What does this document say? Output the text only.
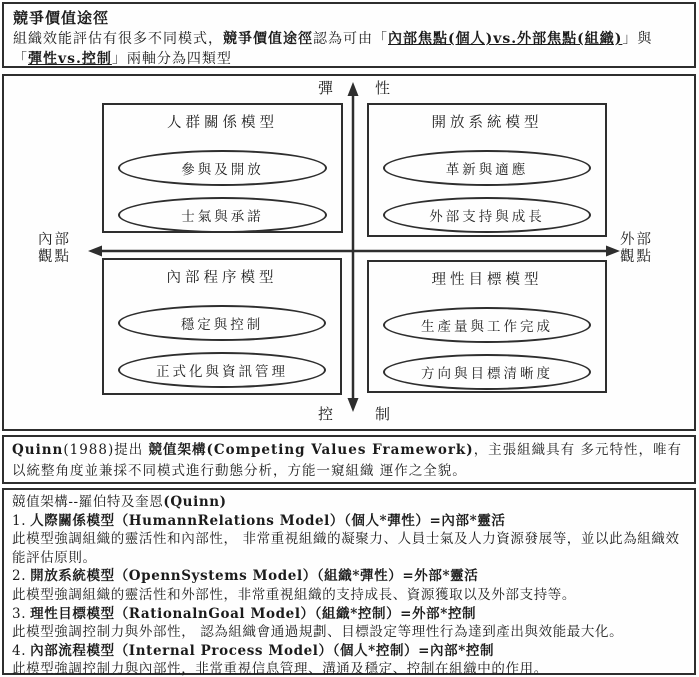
競爭價值途徑

組織效能評估有很多不同模式，競爭價值途徑認為可由「內部焦點(個人)vs.外部焦點(組織)」與

「彈性vs.控制」兩軸分為四類型

彈	性
控	制
內部
觀點
外部
觀點
人群關係模型
參與及開放
士氣與承諾
開放系統模型
革新與適應
外部支持與成長
內部程序模型
穩定與控制
正式化與資訊管理
理性目標模型
生產量與工作完成
方向與目標清晰度

Quinn(1988)提出 競值架構(Competing Values Framework)，主張組織具有 多元特性，唯有以統整角度並兼採不同模式進行動態分析，方能一窺組織 運作之全貌。

競值架構--羅伯特及奎恩(Quinn)
1. 人際關係模型（HumannRelations Model）（個人*彈性）=內部*靈活
此模型強調組織的靈活性和內部性， 非常重視組織的凝聚力、人員士氣及人力資源發展等，並以此為組織效能評估原則。
2. 開放系統模型（OpennSystems Model）（組織*彈性）=外部*靈活
此模型強調組織的靈活性和外部性，非常重視組織的支持成長、資源獲取以及外部支持等。
3. 理性目標模型（RationalnGoal Model）（組織*控制）=外部*控制
此模型強調控制力與外部性， 認為組織會通過規劃、目標設定等理性行為達到產出與效能最大化。
4. 內部流程模型（Internal Process Model）（個人*控制）=內部*控制
此模型強調控制力與內部性，非常重視信息管理、溝通及穩定、控制在組織中的作用。
